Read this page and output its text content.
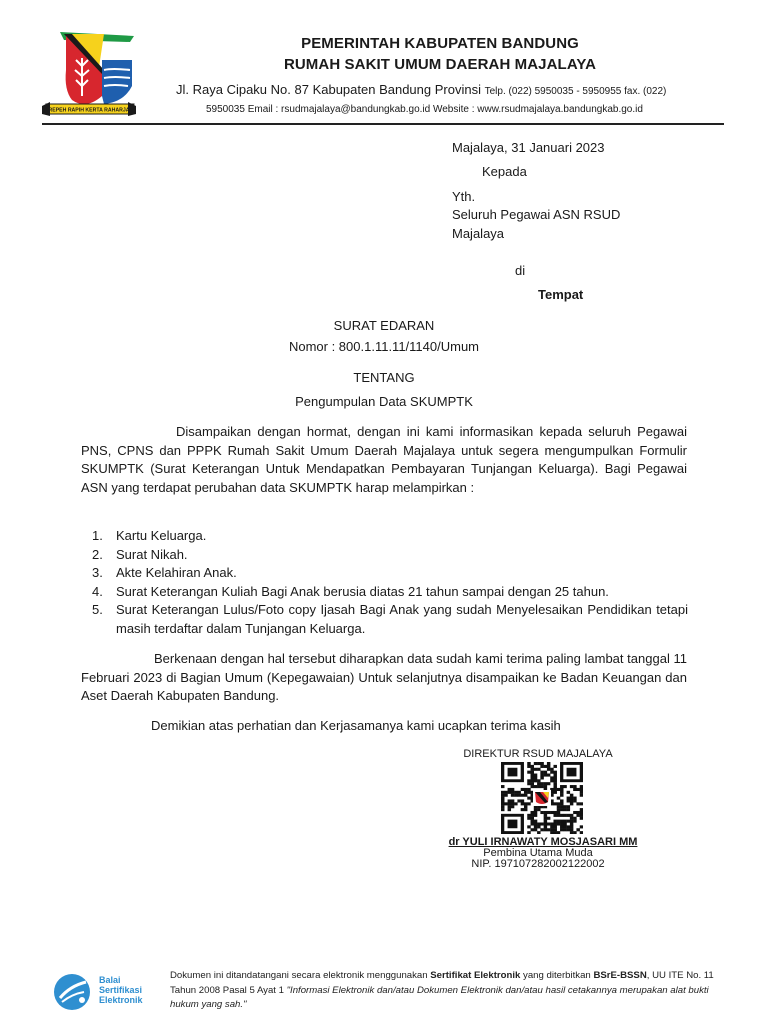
REPEH RAPIH KERTA RAHARJA
PEMERINTAH KABUPATEN BANDUNG
RUMAH SAKIT UMUM DAERAH MAJALAYA
Jl. Raya Cipaku No. 87 Kabupaten Bandung Provinsi Telp. (022) 5950035 - 5950955 fax. (022)
5950035 Email : rsudmajalaya@bandungkab.go.id Website : www.rsudmajalaya.bandungkab.go.id
Majalaya, 31 Januari 2023
Kepada
Yth.
Seluruh Pegawai ASN RSUD
Majalaya
di
Tempat
SURAT EDARAN
Nomor : 800.1.11.11/1140/Umum
TENTANG
Pengumpulan Data SKUMPTK
Disampaikan dengan hormat, dengan ini kami informasikan kepada seluruh Pegawai PNS, CPNS dan PPPK Rumah Sakit Umum Daerah Majalaya untuk segera mengumpulkan Formulir SKUMPTK (Surat Keterangan Untuk Mendapatkan Pembayaran Tunjangan Keluarga). Bagi Pegawai ASN yang terdapat perubahan data SKUMPTK harap melampirkan :
1. Kartu Keluarga.
2. Surat Nikah.
3. Akte Kelahiran Anak.
4. Surat Keterangan Kuliah Bagi Anak berusia diatas 21 tahun sampai dengan 25 tahun.
5. Surat Keterangan Lulus/Foto copy Ijasah Bagi Anak yang sudah Menyelesaikan Pendidikan tetapi masih terdaftar dalam Tunjangan Keluarga.
Berkenaan dengan hal tersebut diharapkan data sudah kami terima paling lambat tanggal 11 Februari 2023 di Bagian Umum (Kepegawaian) Untuk selanjutnya disampaikan ke Badan Keuangan dan Aset Daerah Kabupaten Bandung.
Demikian atas perhatian dan Kerjasamanya kami ucapkan terima kasih
DIREKTUR RSUD MAJALAYA
dr YULI IRNAWATY MOSJASARI MM
Pembina Utama Muda
NIP. 197107282002122002
Balai
Sertifikasi
Elektronik
Dokumen ini ditandatangani secara elektronik menggunakan Sertifikat Elektronik yang diterbitkan BSrE-BSSN, UU ITE No. 11 Tahun 2008 Pasal 5 Ayat 1 "Informasi Elektronik dan/atau Dokumen Elektronik dan/atau hasil cetakannya merupakan alat bukti hukum yang sah."
